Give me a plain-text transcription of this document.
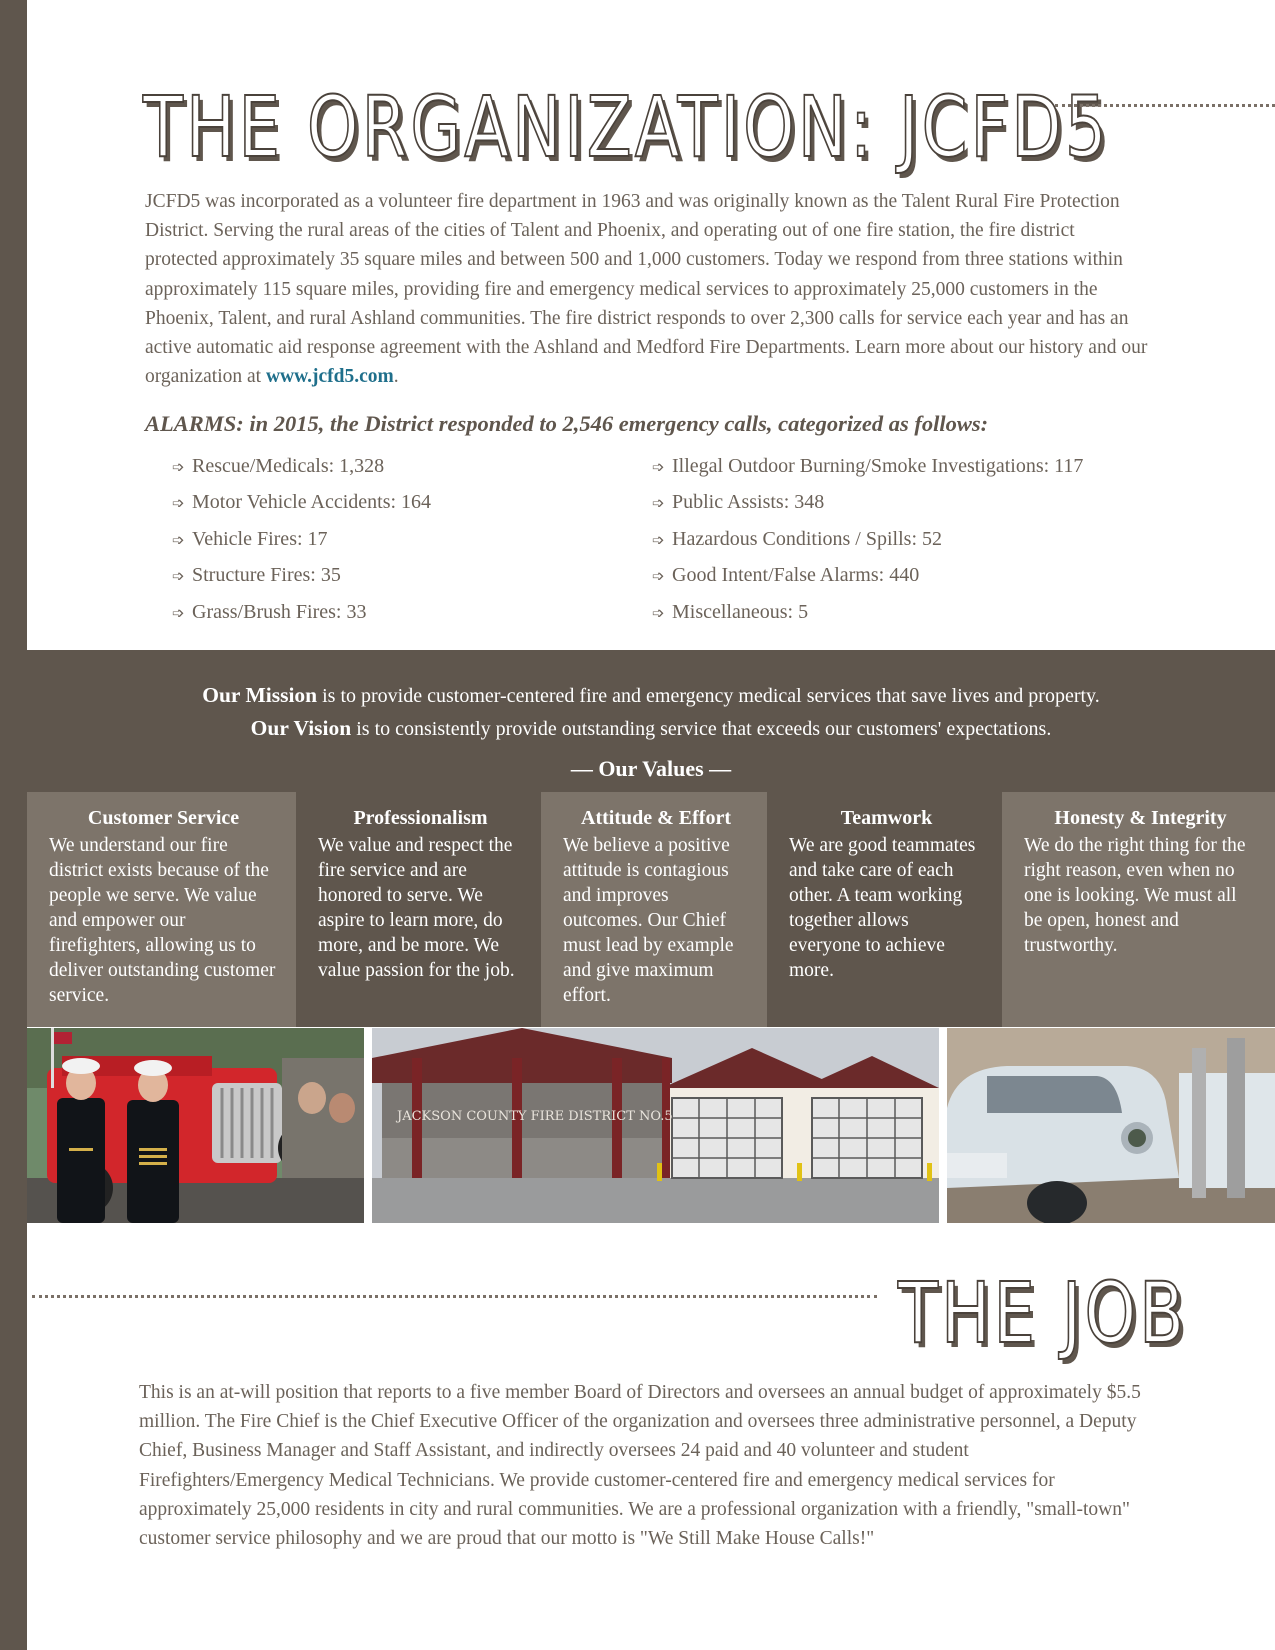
THE ORGANIZATION: JCFD5

JCFD5 was incorporated as a volunteer fire department in 1963 and was originally known as the Talent Rural Fire Protection District. Serving the rural areas of the cities of Talent and Phoenix, and operating out of one fire station, the fire district protected approximately 35 square miles and between 500 and 1,000 customers. Today we respond from three stations within approximately 115 square miles, providing fire and emergency medical services to approximately 25,000 customers in the Phoenix, Talent, and rural Ashland communities. The fire district responds to over 2,300 calls for service each year and has an active automatic aid response agreement with the Ashland and Medford Fire Departments. Learn more about our history and our organization at www.jcfd5.com.

ALARMS: in 2015, the District responded to 2,546 emergency calls, categorized as follows:
➩ Rescue/Medicals: 1,328
➩ Motor Vehicle Accidents: 164
➩ Vehicle Fires: 17
➩ Structure Fires: 35
➩ Grass/Brush Fires: 33
➩ Illegal Outdoor Burning/Smoke Investigations: 117
➩ Public Assists: 348
➩ Hazardous Conditions / Spills: 52
➩ Good Intent/False Alarms: 440
➩ Miscellaneous: 5
Our Mission is to provide customer-centered fire and emergency medical services that save lives and property.
Our Vision is to consistently provide outstanding service that exceeds our customers' expectations.
— Our Values —
Customer Service
We understand our fire district exists because of the people we serve. We value and empower our firefighters, allowing us to deliver outstanding customer service.
Professionalism
We value and respect the fire service and are honored to serve. We aspire to learn more, do more, and be more. We value passion for the job.
Attitude & Effort
We believe a positive attitude is contagious and improves outcomes. Our Chief must lead by example and give maximum effort.
Teamwork
We are good teammates and take care of each other. A team working together allows everyone to achieve more.
Honesty & Integrity
We do the right thing for the right reason, even when no one is looking. We must all be open, honest and trustworthy.
JACKSON COUNTY FIRE DISTRICT NO.5
THE JOB

This is an at-will position that reports to a five member Board of Directors and oversees an annual budget of approximately $5.5 million. The Fire Chief is the Chief Executive Officer of the organization and oversees three administrative personnel, a Deputy Chief, Business Manager and Staff Assistant, and indirectly oversees 24 paid and 40 volunteer and student Firefighters/Emergency Medical Technicians. We provide customer-centered fire and emergency medical services for approximately 25,000 residents in city and rural communities. We are a professional organization with a friendly, "small-town" customer service philosophy and we are proud that our motto is "We Still Make House Calls!"
